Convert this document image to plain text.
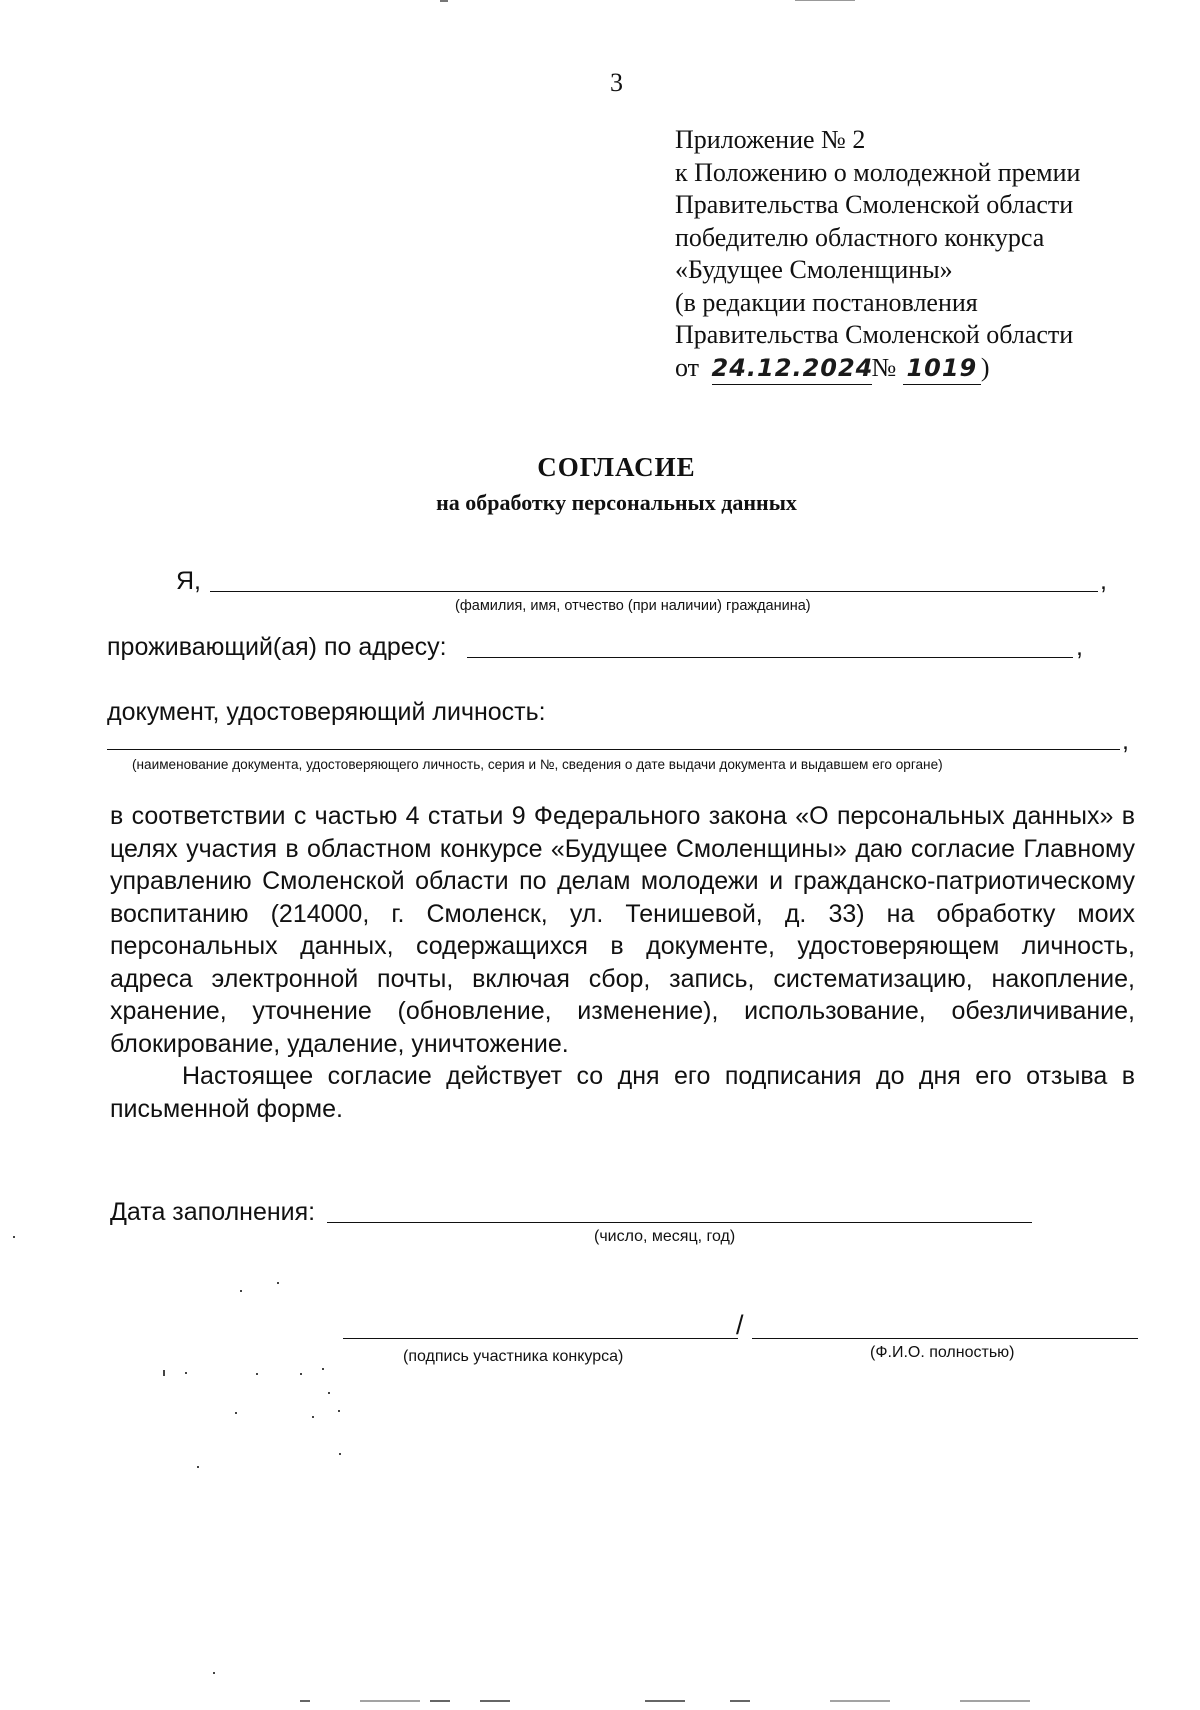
3
Приложение № 2
к Положению о молодежной премии
Правительства Смоленской области
победителю областного конкурса
«Будущее Смоленщины»
(в редакции постановления
Правительства Смоленской области
от 24.12.2024№ 1019 )
СОГЛАСИЕ
на обработку персональных данных
Я,	,
(фамилия, имя, отчество (при наличии) гражданина)
проживающий(ая) по адресу:	,
документ, удостоверяющий личность:
,
(наименование документа, удостоверяющего личность, серия и №, сведения о дате выдачи документа и выдавшем его органе)
в соответствии с частью 4 статьи 9 Федерального закона «О персональных данных» в
целях участия в областном конкурсе «Будущее Смоленщины» даю согласие Главному
управлению Смоленской области по делам молодежи и гражданско-патриотическому
воспитанию (214000, г. Смоленск, ул. Тенишевой, д. 33) на обработку моих
персональных данных, содержащихся в документе, удостоверяющем личность,
адреса электронной почты, включая сбор, запись, систематизацию, накопление,
хранение, уточнение (обновление, изменение), использование, обезличивание,
блокирование, удаление, уничтожение.
Настоящее согласие действует со дня его подписания до дня его отзыва в
письменной форме.
Дата заполнения:
(число, месяц, год)
/
(подпись участника конкурса)	(Ф.И.О. полностью)
